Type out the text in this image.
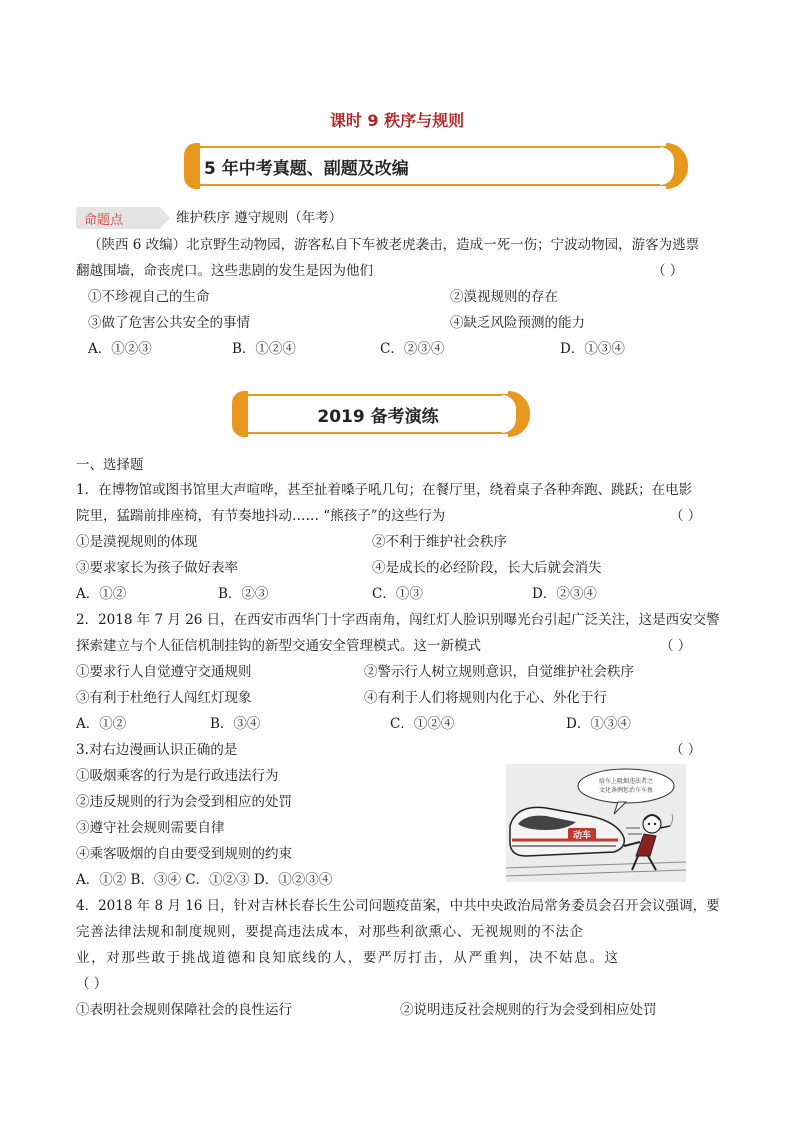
课时 9 秩序与规则
5 年中考真题、副题及改编
命题点	维护秩序 遵守规则（年考）
（陕西 6 改编）北京野生动物园，游客私自下车被老虎袭击，造成一死一伤；宁波动物园，游客为逃票
翻越围墙，命丧虎口。这些悲剧的发生是因为他们	（ ）
①不珍视自己的生命	②漠视规则的存在
③做了危害公共安全的事情	④缺乏风险预测的能力
A．①②③	B．①②④	C．②③④	D．①③④
2019 备考演练
一、选择题
1．在博物馆或图书馆里大声喧哗，甚至扯着嗓子吼几句；在餐厅里，绕着桌子各种奔跑、跳跃；在电影
院里，猛踹前排座椅，有节奏地抖动…… “熊孩子”的这些行为	（ ）
①是漠视规则的体现	②不利于维护社会秩序
③要求家长为孩子做好表率	④是成长的必经阶段，长大后就会消失
A．①②	B．②③	C．①③	D．②③④
2．2018 年 7 月 26 日，在西安市西华门十字西南角，闯红灯人脸识别曝光台引起广泛关注，这是西安交警
探索建立与个人征信机制挂钩的新型交通安全管理模式。这一新模式	（ ）
①要求行人自觉遵守交通规则	②警示行人树立规则意识，自觉维护社会秩序
③有利于杜绝行人闯红灯现象	④有利于人们将规则内化于心、外化于行
A．①②	B．③④	C．①②④	D．①③④
3.对右边漫画认识正确的是	（ ）
①吸烟乘客的行为是行政违法行为
②违反规则的行为会受到相应的处罚
③遵守社会规则需要自律
④乘客吸烟的自由要受到规则的约束
A．①② B．③④ C．①②③ D．①②③④
给车上吸烟违法者之
文化条例惩治车车鱼
动车
4．2018 年 8 月 16 日，针对吉林长春长生公司问题疫苗案，中共中央政治局常务委员会召开会议强调，要
完善法律法规和制度规则，要提高违法成本，对那些利欲熏心、无视规则的不法企
业，对那些敢于挑战道德和良知底线的人，要严厉打击，从严重判，决不姑息。这
（ ）
①表明社会规则保障社会的良性运行	②说明违反社会规则的行为会受到相应处罚
